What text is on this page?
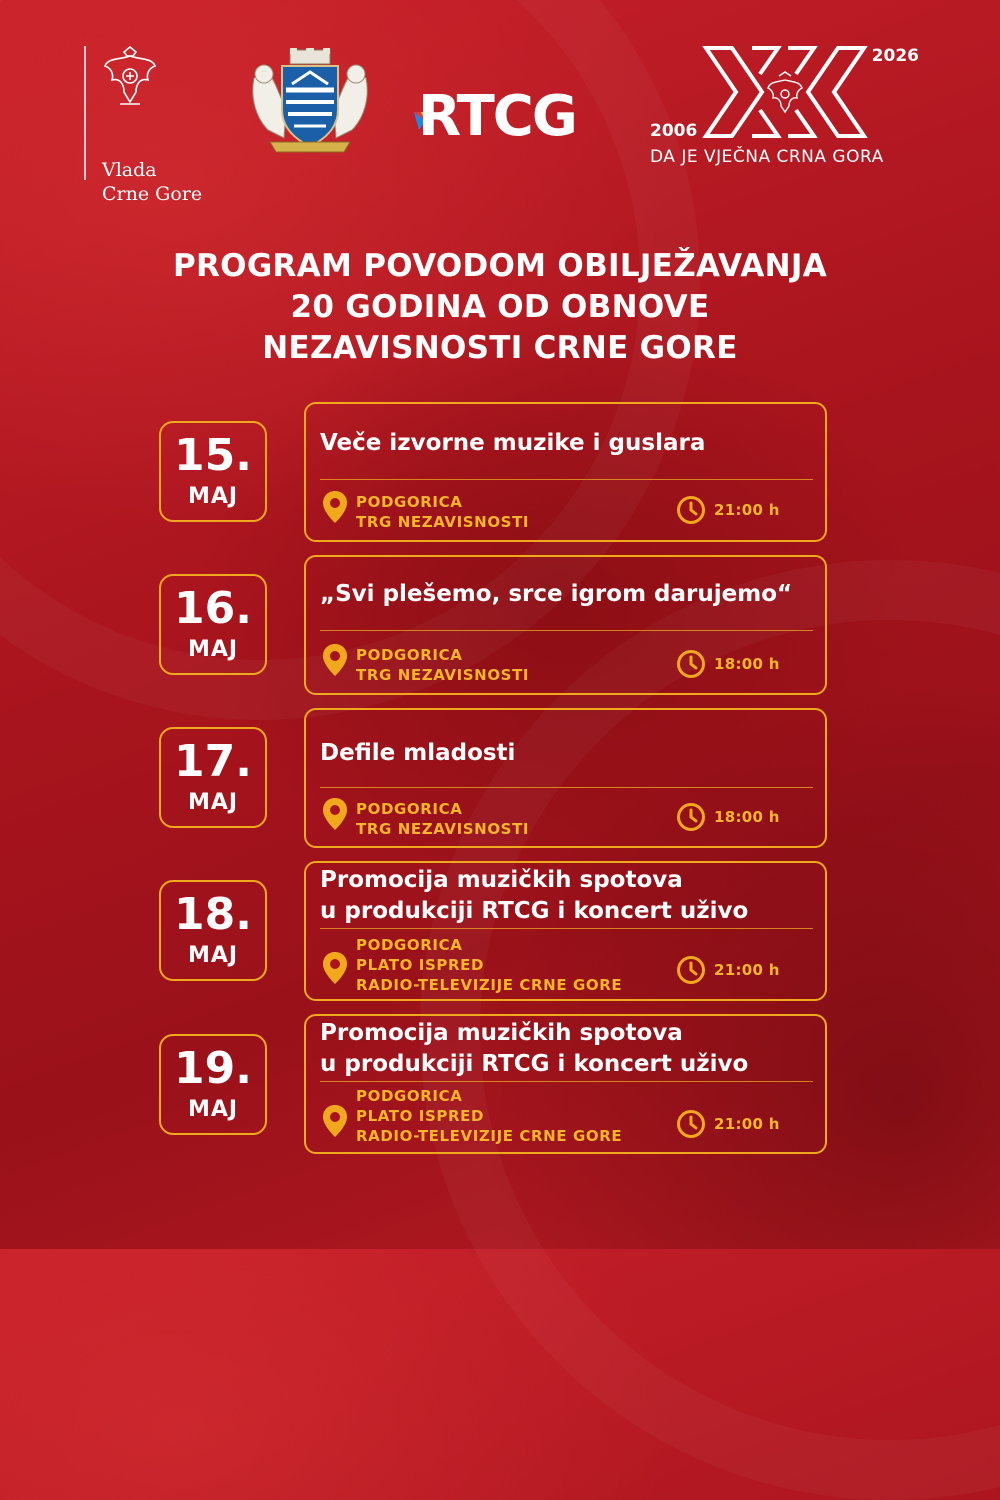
Vlada
Crne Gore
RTCG	2006
2026
DA JE VJEČNA CRNA GORA
PROGRAM POVODOM OBILJEŽAVANJA
20 GODINA OD OBNOVE
NEZAVISNOSTI CRNE GORE
15.
MAJ
Veče izvorne muzike i guslara
PODGORICA
TRG NEZAVISNOSTI
21:00 h
16.
MAJ
„Svi plešemo, srce igrom darujemo“
PODGORICA
TRG NEZAVISNOSTI
18:00 h
17.
MAJ
Defile mladosti
PODGORICA
TRG NEZAVISNOSTI
18:00 h
18.
MAJ
Promocija muzičkih spotova
u produkciji RTCG i koncert uživo
PODGORICA
PLATO ISPRED
RADIO-TELEVIZIJE CRNE GORE
21:00 h
19.
MAJ
Promocija muzičkih spotova
u produkciji RTCG i koncert uživo
PODGORICA
PLATO ISPRED
RADIO-TELEVIZIJE CRNE GORE
21:00 h
